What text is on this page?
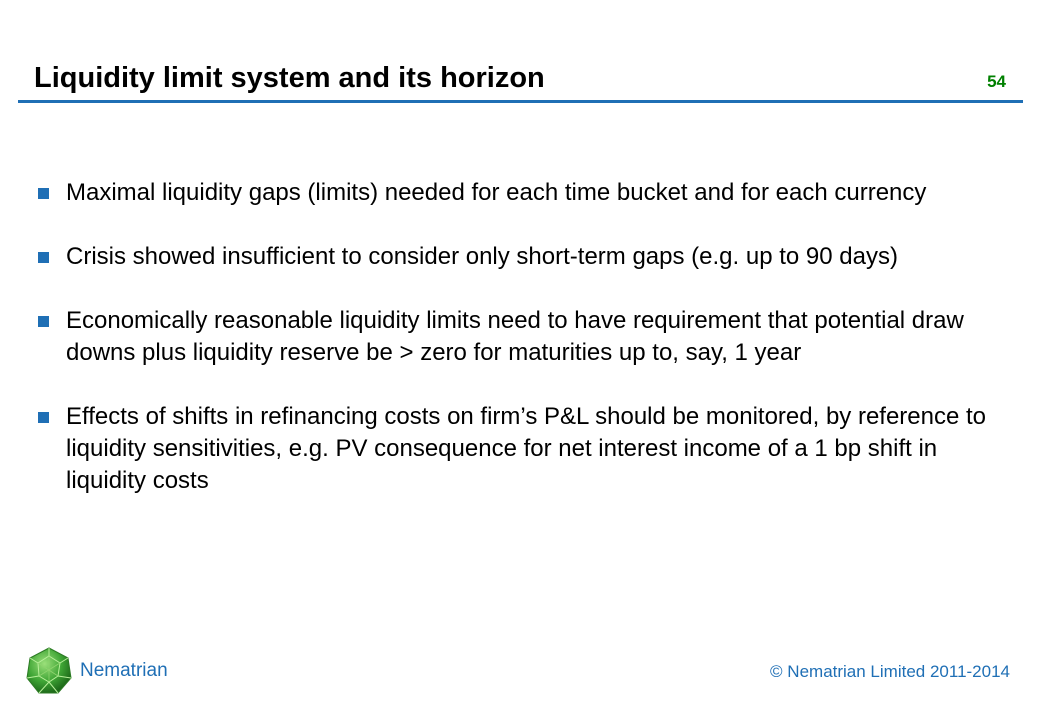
Liquidity limit system and its horizon	54
Maximal liquidity gaps (limits) needed for each time bucket and for each currency
Crisis showed insufficient to consider only short-term gaps (e.g. up to 90 days)
Economically reasonable liquidity limits need to have requirement that potential draw downs plus liquidity reserve be > zero for maturities up to, say, 1 year
Effects of shifts in refinancing costs on firm’s P&L should be monitored, by reference to liquidity sensitivities, e.g. PV consequence for net interest income of a 1 bp shift in liquidity costs
Nematrian	© Nematrian Limited 2011-2014
